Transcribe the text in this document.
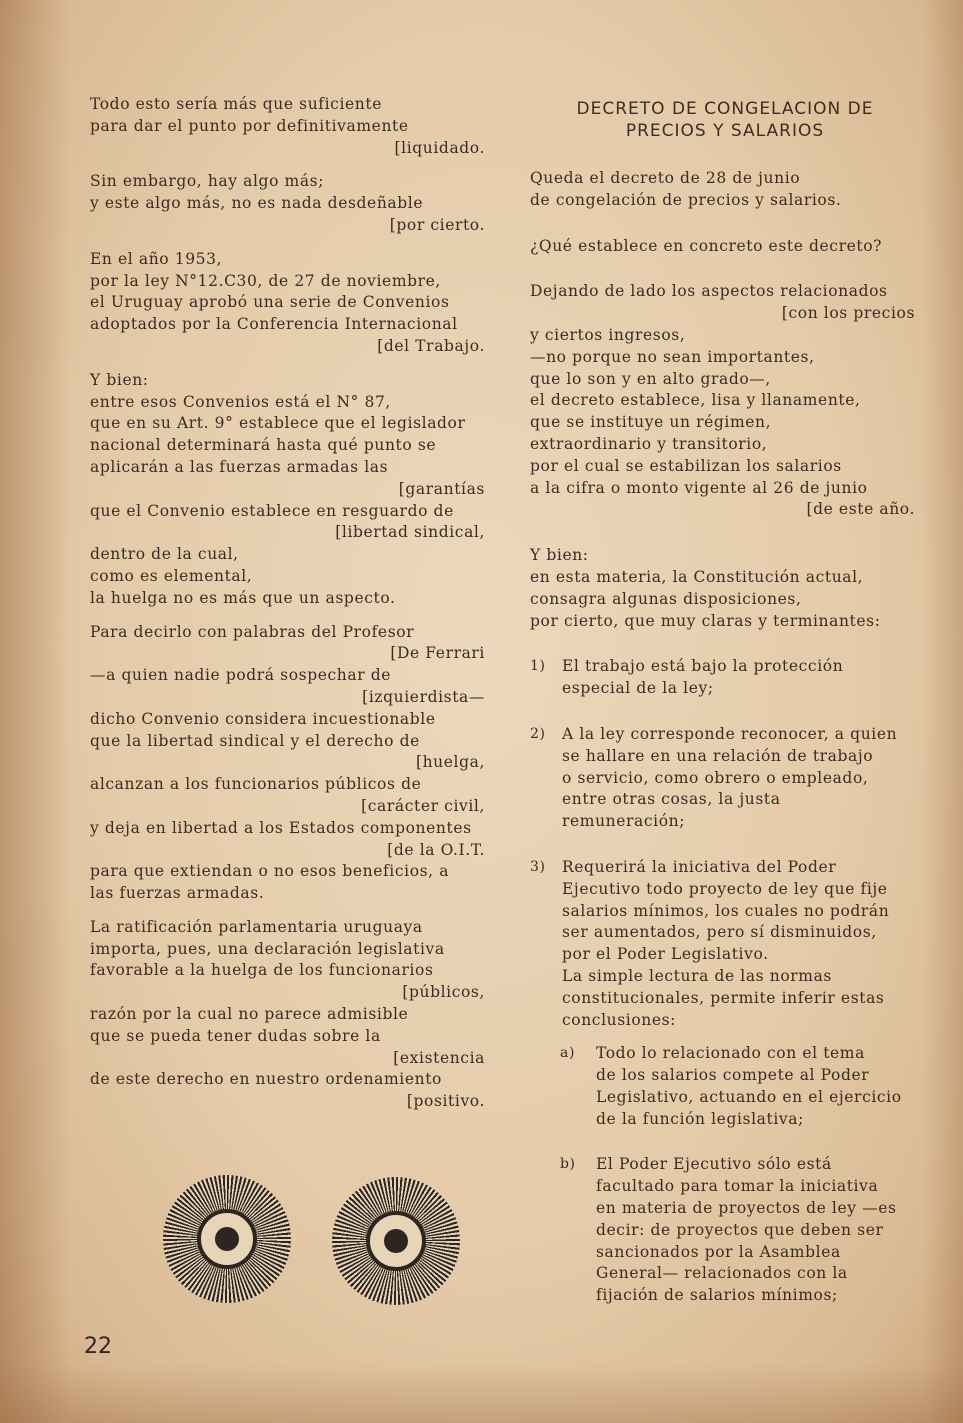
Todo esto sería más que suficiente

para dar el punto por definitivamente

[liquidado.

Sin embargo, hay algo más;

y este algo más, no es nada desdeñable

[por cierto.

En el año 1953,

por la ley N°12.C30, de 27 de noviembre,

el Uruguay aprobó una serie de Convenios

adoptados por la Conferencia Internacional

[del Trabajo.

Y bien:

entre esos Convenios está el N° 87,

que en su Art. 9° establece que el legislador

nacional determinará hasta qué punto se

aplicarán a las fuerzas armadas las

[garantías

que el Convenio establece en resguardo de

[libertad sindical,

dentro de la cual,

como es elemental,

la huelga no es más que un aspecto.

Para decirlo con palabras del Profesor

[De Ferrari

—a quien nadie podrá sospechar de

[izquierdista—

dicho Convenio considera incuestionable

que la libertad sindical y el derecho de

[huelga,

alcanzan a los funcionarios públicos de

[carácter civil,

y deja en libertad a los Estados componentes

[de la O.I.T.

para que extiendan o no esos beneficios, a

las fuerzas armadas.

La ratificación parlamentaria uruguaya

importa, pues, una declaración legislativa

favorable a la huelga de los funcionarios

[públicos,

razón por la cual no parece admisible

que se pueda tener dudas sobre la

[existencia

de este derecho en nuestro ordenamiento

[positivo.

DECRETO DE CONGELACION DE

PRECIOS Y SALARIOS

Queda el decreto de 28 de junio

de congelación de precios y salarios.

¿Qué establece en concreto este decreto?

Dejando de lado los aspectos relacionados

[con los precios

y ciertos ingresos,

—no porque no sean importantes,

que lo son y en alto grado—,

el decreto establece, lisa y llanamente,

que se instituye un régimen,

extraordinario y transitorio,

por el cual se estabilizan los salarios

a la cifra o monto vigente al 26 de junio

[de este año.

Y bien:

en esta materia, la Constitución actual,

consagra algunas disposiciones,

por cierto, que muy claras y terminantes:

1) El trabajo está bajo la protección

especial de la ley;

2) A la ley corresponde reconocer, a quien

se hallare en una relación de trabajo

o servicio, como obrero o empleado,

entre otras cosas, la justa

remuneración;

3) Requerirá la iniciativa del Poder

Ejecutivo todo proyecto de ley que fije

salarios mínimos, los cuales no podrán

ser aumentados, pero sí disminuidos,

por el Poder Legislativo.

La simple lectura de las normas

constitucionales, permite inferir estas

conclusiones:

a) Todo lo relacionado con el tema

de los salarios compete al Poder

Legislativo, actuando en el ejercicio

de la función legislativa;

b) El Poder Ejecutivo sólo está

facultado para tomar la iniciativa

en materia de proyectos de ley —es

decir: de proyectos que deben ser

sancionados por la Asamblea

General— relacionados con la

fijación de salarios mínimos;

22
